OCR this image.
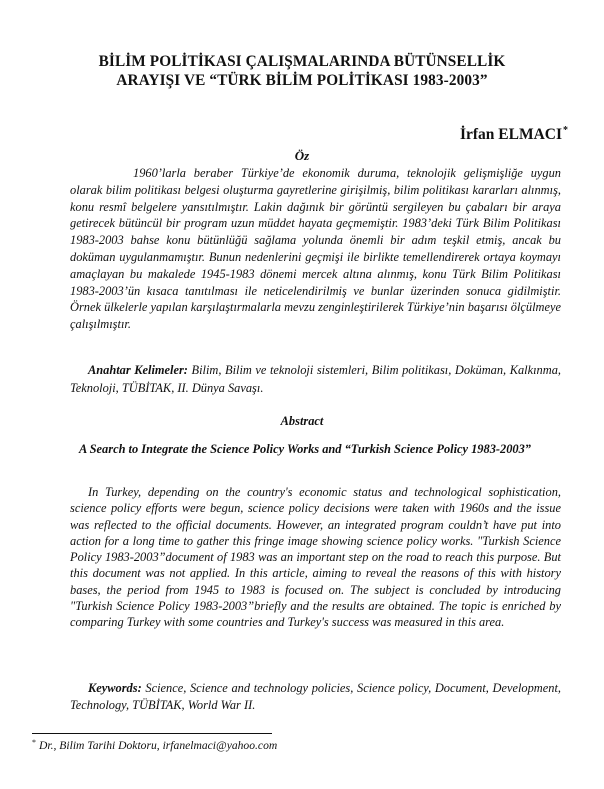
BİLİM POLİTİKASI ÇALIŞMALARINDA BÜTÜNSELLİK
ARAYIŞI VE “TÜRK BİLİM POLİTİKASI 1983-2003”
İrfan ELMACI*
Öz

1960’larla beraber Türkiye’de ekonomik duruma, teknolojik gelişmişliğe uygun olarak bilim politikası belgesi oluşturma gayretlerine girişilmiş, bilim politikası kararları alınmış, konu resmî belgelere yansıtılmıştır. Lakin dağınık bir görüntü sergileyen bu çabaları bir araya getirecek bütüncül bir program uzun müddet hayata geçmemiştir. 1983’deki Türk Bilim Politikası 1983-2003 bahse konu bütünlüğü sağlama yolunda önemli bir adım teşkil etmiş, ancak bu doküman uygulanmamıştır. Bunun nedenlerini geçmişi ile birlikte temellendirerek ortaya koymayı amaçlayan bu makalede 1945-1983 dönemi mercek altına alınmış, konu Türk Bilim Politikası 1983-2003’ün kısaca tanıtılması ile neticelendirilmiş ve bunlar üzerinden sonuca gidilmiştir. Örnek ülkelerle yapılan karşılaştırmalarla mevzu zenginleştirilerek Türkiye’nin başarısı ölçülmeye çalışılmıştır.

Anahtar Kelimeler: Bilim, Bilim ve teknoloji sistemleri, Bilim politikası, Doküman, Kalkınma, Teknoloji, TÜBİTAK, II. Dünya Savaşı.

Abstract
A Search to Integrate the Science Policy Works and “Turkish Science Policy 1983-2003”

In Turkey, depending on the country's economic status and technological sophistication, science policy efforts were begun, science policy decisions were taken with 1960s and the issue was reflected to the official documents. However, an integrated program couldn’t have put into action for a long time to gather this fringe image showing science policy works. "Turkish Science Policy 1983-2003”document of 1983 was an important step on the road to reach this purpose. But this document was not applied. In this article, aiming to reveal the reasons of this with history bases, the period from 1945 to 1983 is focused on. The subject is concluded by introducing "Turkish Science Policy 1983-2003”briefly and the results are obtained. The topic is enriched by comparing Turkey with some countries and Turkey's success was measured in this area.

Keywords: Science, Science and technology policies, Science policy, Document, Development, Technology, TÜBİTAK, World War II.

* Dr., Bilim Tarihi Doktoru, irfanelmaci@yahoo.com
